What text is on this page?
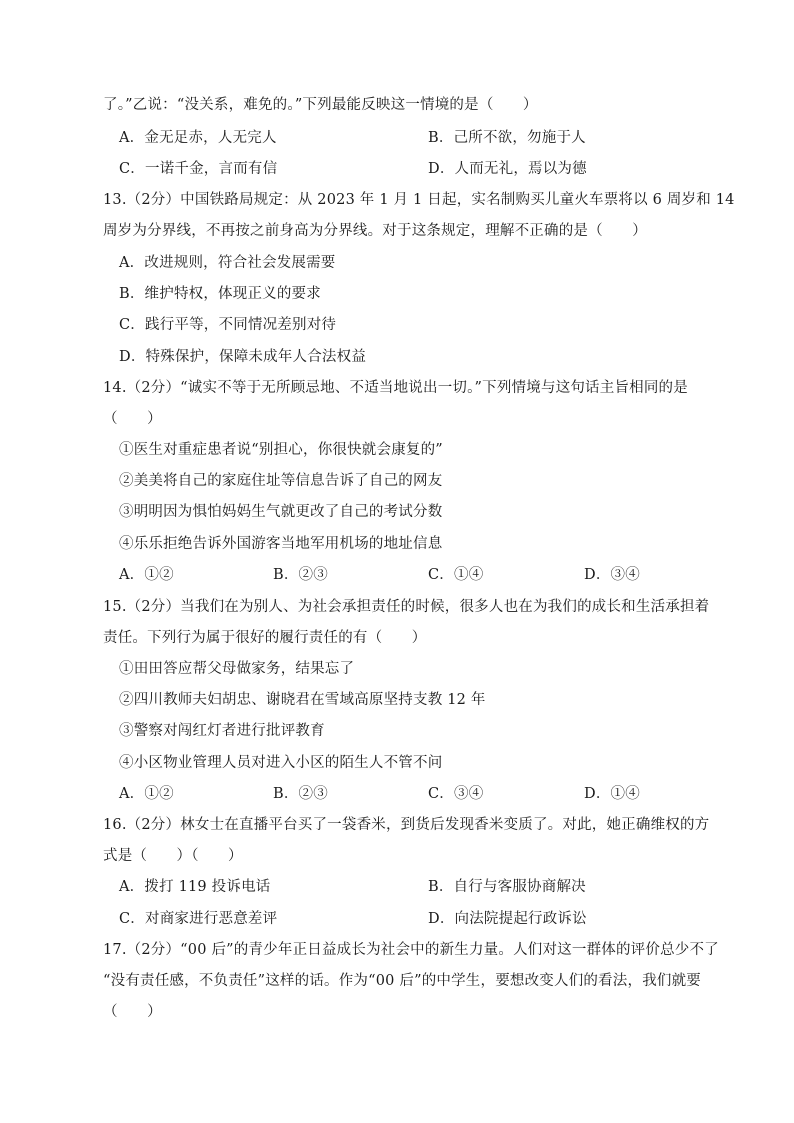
了。”乙说：“没关系，难免的。”下列最能反映这一情境的是（　　）
A．金无足赤，人无完人	B．己所不欲，勿施于人
C．一诺千金，言而有信	D．人而无礼，焉以为德
13.（2分）中国铁路局规定：从 2023 年 1 月 1 日起，实名制购买儿童火车票将以 6 周岁和 14
周岁为分界线，不再按之前身高为分界线。对于这条规定，理解不正确的是（　　）
A．改进规则，符合社会发展需要
B．维护特权，体现正义的要求
C．践行平等，不同情况差别对待
D．特殊保护，保障未成年人合法权益
14.（2分）“诚实不等于无所顾忌地、不适当地说出一切。”下列情境与这句话主旨相同的是
（　　）
①医生对重症患者说“别担心，你很快就会康复的”
②美美将自己的家庭住址等信息告诉了自己的网友
③明明因为惧怕妈妈生气就更改了自己的考试分数
④乐乐拒绝告诉外国游客当地军用机场的地址信息
A．①②	B．②③	C．①④	D．③④
15.（2分）当我们在为别人、为社会承担责任的时候，很多人也在为我们的成长和生活承担着
责任。下列行为属于很好的履行责任的有（　　）
①田田答应帮父母做家务，结果忘了
②四川教师夫妇胡忠、谢晓君在雪域高原坚持支教 12 年
③警察对闯红灯者进行批评教育
④小区物业管理人员对进入小区的陌生人不管不问
A．①②	B．②③	C．③④	D．①④
16.（2分）林女士在直播平台买了一袋香米，到货后发现香米变质了。对此，她正确维权的方
式是（　　）（　　）
A．拨打 119 投诉电话	B．自行与客服协商解决
C．对商家进行恶意差评	D．向法院提起行政诉讼
17.（2分）“00 后”的青少年正日益成长为社会中的新生力量。人们对这一群体的评价总少不了
“没有责任感，不负责任”这样的话。作为“00 后”的中学生，要想改变人们的看法，我们就要
（　　）
